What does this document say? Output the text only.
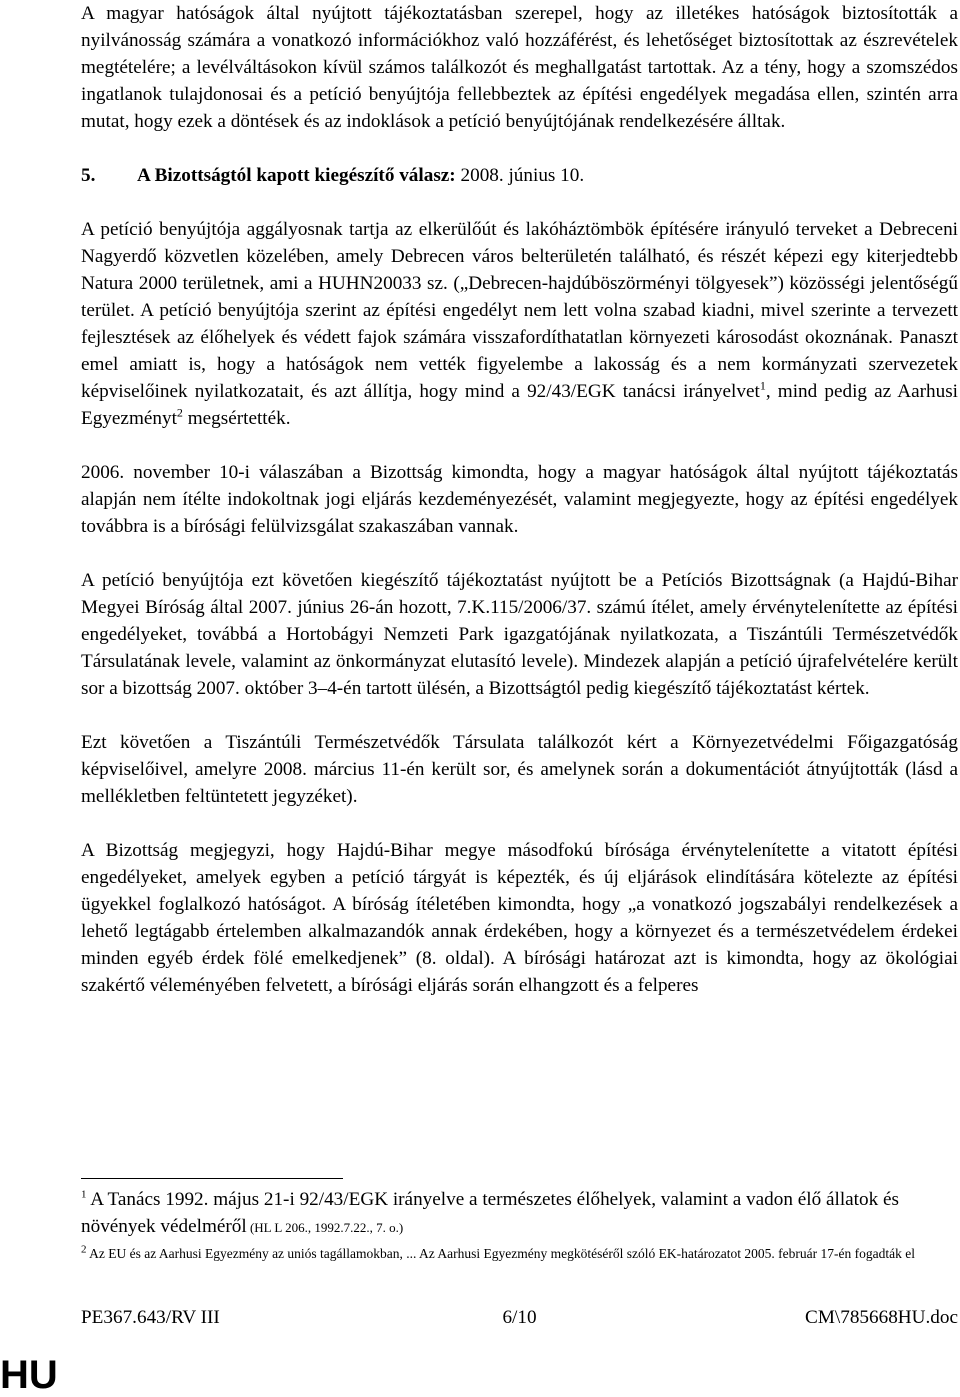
A magyar hatóságok által nyújtott tájékoztatásban szerepel, hogy az illetékes hatóságok biztosították a nyilvánosság számára a vonatkozó információkhoz való hozzáférést, és lehetőséget biztosítottak az észrevételek megtételére; a levélváltásokon kívül számos találkozót és meghallgatást tartottak. Az a tény, hogy a szomszédos ingatlanok tulajdonosai és a petíció benyújtója fellebbeztek az építési engedélyek megadása ellen, szintén arra mutat, hogy ezek a döntések és az indoklások a petíció benyújtójának rendelkezésére álltak.

5. A Bizottságtól kapott kiegészítő válasz: 2008. június 10.

A petíció benyújtója aggályosnak tartja az elkerülőút és lakóháztömbök építésére irányuló terveket a Debreceni Nagyerdő közvetlen közelében, amely Debrecen város belterületén található, és részét képezi egy kiterjedtebb Natura 2000 területnek, ami a HUHN20033 sz. („Debrecen-hajdúböszörményi tölgyesek”) közösségi jelentőségű terület. A petíció benyújtója szerint az építési engedélyt nem lett volna szabad kiadni, mivel szerinte a tervezett fejlesztések az élőhelyek és védett fajok számára visszafordíthatatlan környezeti károsodást okoznának. Panaszt emel amiatt is, hogy a hatóságok nem vették figyelembe a lakosság és a nem kormányzati szervezetek képviselőinek nyilatkozatait, és azt állítja, hogy mind a 92/43/EGK tanácsi irányelvet$^1$, mind pedig az Aarhusi Egyezményt$^2$ megsértették.

2006. november 10-i válaszában a Bizottság kimondta, hogy a magyar hatóságok által nyújtott tájékoztatás alapján nem ítélte indokoltnak jogi eljárás kezdeményezését, valamint megjegyezte, hogy az építési engedélyek továbbra is a bírósági felülvizsgálat szakaszában vannak.

A petíció benyújtója ezt követően kiegészítő tájékoztatást nyújtott be a Petíciós Bizottságnak (a Hajdú-Bihar Megyei Bíróság által 2007. június 26-án hozott, 7.K.115/2006/37. számú ítélet, amely érvénytelenítette az építési engedélyeket, továbbá a Hortobágyi Nemzeti Park igazgatójának nyilatkozata, a Tiszántúli Természetvédők Társulatának levele, valamint az önkormányzat elutasító levele). Mindezek alapján a petíció újrafelvételére került sor a bizottság 2007. október 3–4-én tartott ülésén, a Bizottságtól pedig kiegészítő tájékoztatást kértek.

Ezt követően a Tiszántúli Természetvédők Társulata találkozót kért a Környezetvédelmi Főigazgatóság képviselőivel, amelyre 2008. március 11-én került sor, és amelynek során a dokumentációt átnyújtották (lásd a mellékletben feltüntetett jegyzéket).

A Bizottság megjegyzi, hogy Hajdú-Bihar megye másodfokú bírósága érvénytelenítette a vitatott építési engedélyeket, amelyek egyben a petíció tárgyát is képezték, és új eljárások elindítására kötelezte az építési ügyekkel foglalkozó hatóságot. A bíróság ítéletében kimondta, hogy „a vonatkozó jogszabályi rendelkezések a lehető legtágabb értelemben alkalmazandók annak érdekében, hogy a környezet és a természetvédelem érdekei minden egyéb érdek fölé emelkedjenek” (8. oldal). A bírósági határozat azt is kimondta, hogy az ökológiai szakértő véleményében felvetett, a bírósági eljárás során elhangzott és a felperes

$^1$ A Tanács 1992. május 21-i 92/43/EGK irányelve a természetes élőhelyek, valamint a vadon élő állatok és növények védelméről (HL L 206., 1992.7.22., 7. o.)

$^2$ Az EU és az Aarhusi Egyezmény az uniós tagállamokban, ... Az Aarhusi Egyezmény megkötéséről szóló EK-határozatot 2005. február 17-én fogadták el

PE367.643/RV III	6/10	CM\785668HU.doc
HU
